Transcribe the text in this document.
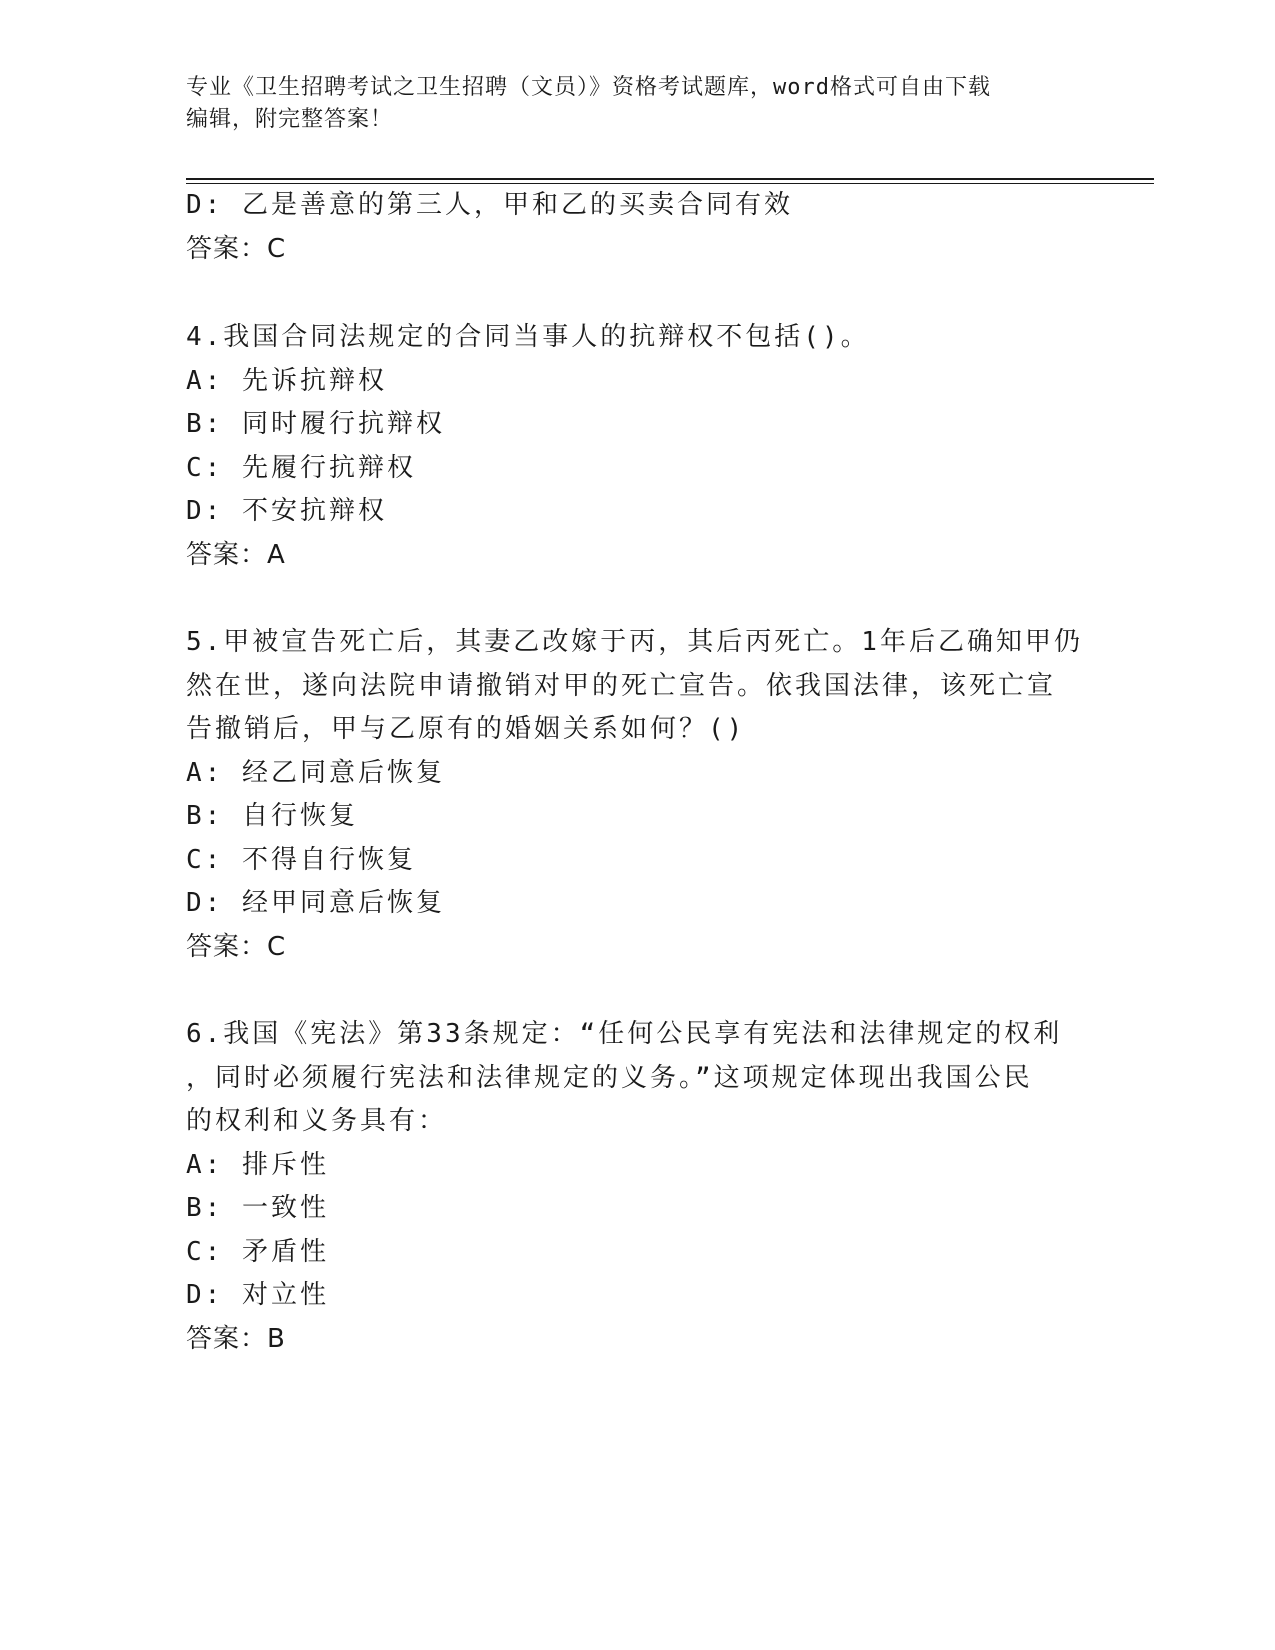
专业《卫生招聘考试之卫生招聘（文员）》资格考试题库，word格式可自由下载
编辑，附完整答案！
D: 乙是善意的第三人，甲和乙的买卖合同有效
答案：C
4.我国合同法规定的合同当事人的抗辩权不包括()。
A: 先诉抗辩权
B: 同时履行抗辩权
C: 先履行抗辩权
D: 不安抗辩权
答案：A
5.甲被宣告死亡后，其妻乙改嫁于丙，其后丙死亡。1年后乙确知甲仍
然在世，遂向法院申请撤销对甲的死亡宣告。依我国法律，该死亡宣
告撤销后，甲与乙原有的婚姻关系如何？()
A: 经乙同意后恢复
B: 自行恢复
C: 不得自行恢复
D: 经甲同意后恢复
答案：C
6.我国《宪法》第33条规定：“任何公民享有宪法和法律规定的权利
，同时必须履行宪法和法律规定的义务。”这项规定体现出我国公民
的权利和义务具有：
A: 排斥性
B: 一致性
C: 矛盾性
D: 对立性
答案：B
